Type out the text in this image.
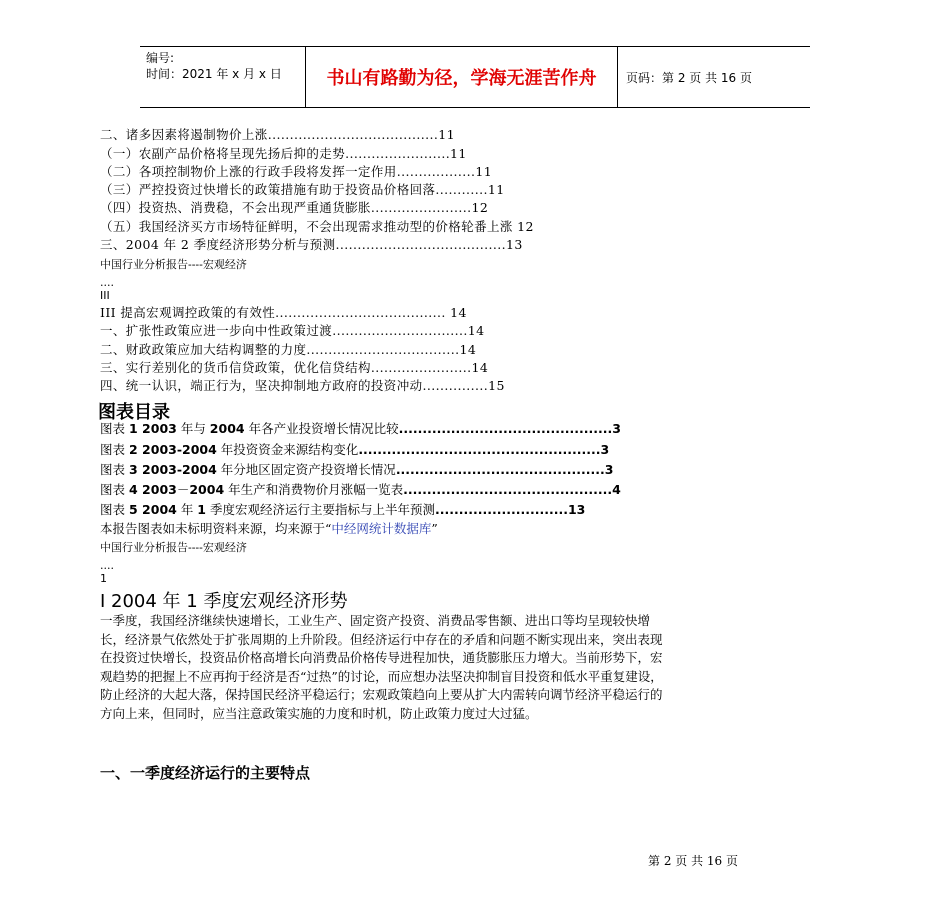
编号:
时间：2021 年 x 月 x 日	书山有路勤为径，学海无涯苦作舟	页码：第 2 页 共 16 页
二、诸多因素将遏制物价上涨.......................................11
（一）农副产品价格将呈现先扬后抑的走势........................11
（二）各项控制物价上涨的行政手段将发挥一定作用..................11
（三）严控投资过快增长的政策措施有助于投资品价格回落............11
（四）投资热、消费稳，不会出现严重通货膨胀.......................12
（五）我国经济买方市场特征鲜明，不会出现需求推动型的价格轮番上涨 12
三、2004 年 2 季度经济形势分析与预测.......................................13
中国行业分析报告----宏观经济
....
III
III 提高宏观调控政策的有效性....................................... 14
一、扩张性政策应进一步向中性政策过渡...............................14
二、财政政策应加大结构调整的力度...................................14
三、实行差别化的货币信贷政策，优化信贷结构.......................14
四、统一认识，端正行为，坚决抑制地方政府的投资冲动...............15
图表目录
图表 1 2003 年与 2004 年各产业投资增长情况比较.............................................3
图表 2 2003-2004 年投资资金来源结构变化...................................................3
图表 3 2003-2004 年分地区固定资产投资增长情况............................................3
图表 4 2003－2004 年生产和消费物价月涨幅一览表............................................4
图表 5 2004 年 1 季度宏观经济运行主要指标与上半年预测............................13
本报告图表如未标明资料来源，均来源于“中经网统计数据库”
中国行业分析报告----宏观经济
....
1
Ⅰ 2004 年 1 季度宏观经济形势
一季度，我国经济继续快速增长，工业生产、固定资产投资、消费品零售额、进出口等均呈现较快增长，经济景气依然处于扩张周期的上升阶段。但经济运行中存在的矛盾和问题不断实现出来，突出表现在投资过快增长，投资品价格高增长向消费品价格传导进程加快，通货膨胀压力增大。当前形势下，宏观趋势的把握上不应再拘于经济是否“过热”的讨论，而应想办法坚决抑制盲目投资和低水平重复建设，防止经济的大起大落，保持国民经济平稳运行；宏观政策趋向上要从扩大内需转向调节经济平稳运行的方向上来，但同时，应当注意政策实施的力度和时机，防止政策力度过大过猛。
一、一季度经济运行的主要特点
第 2 页 共 16 页
